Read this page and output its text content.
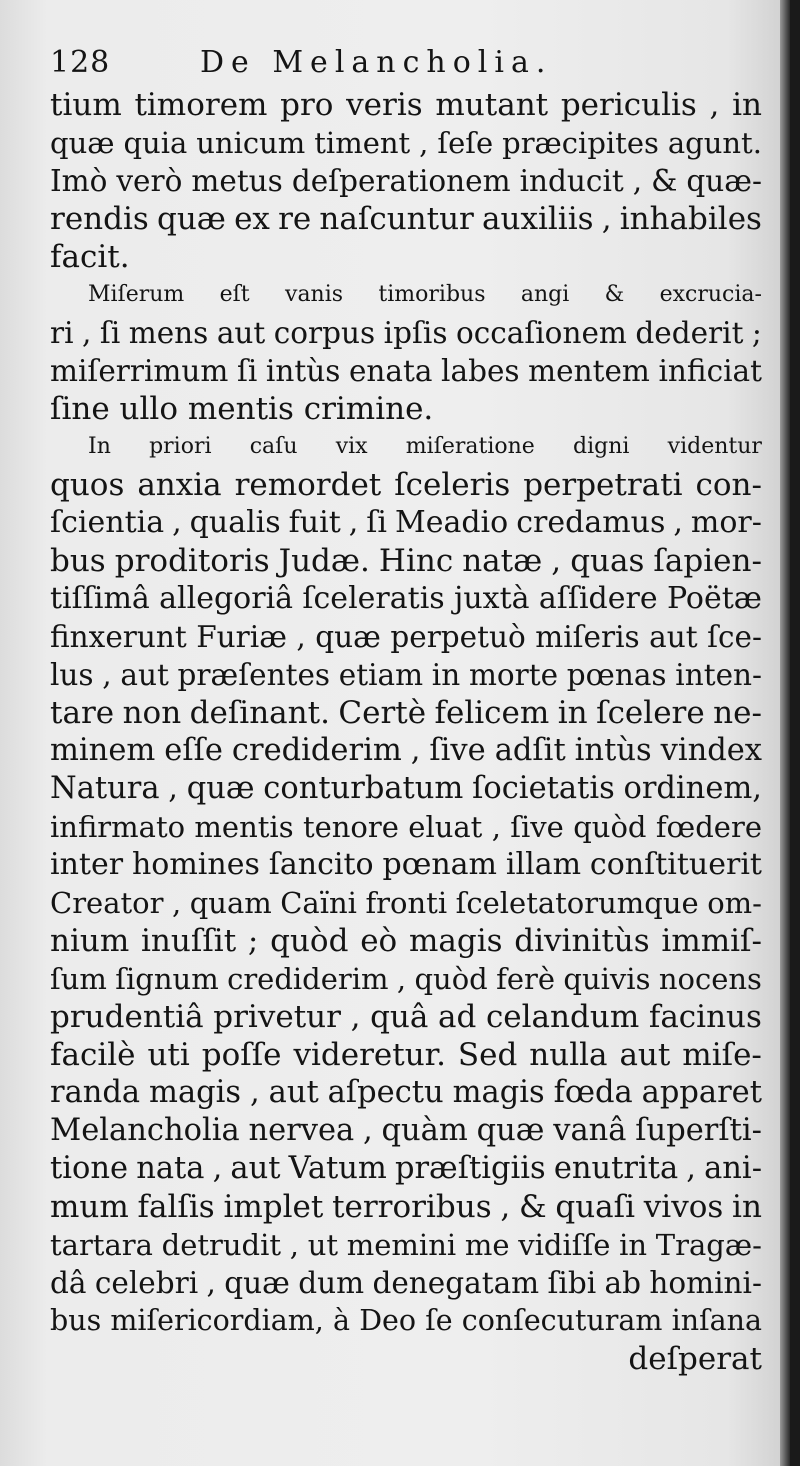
128	De Melancholia.
tium timorem pro veris mutant periculis , in
quæ quia unicum timent , ſeſe præcipites agunt.
Imò verò metus deſperationem inducit , & quæ-
rendis quæ ex re naſcuntur auxiliis , inhabiles
facit.
Miſerum eſt vanis timoribus angi & excrucia-
ri , ſi mens aut corpus ipſis occaſionem dederit ;
miſerrimum ſi intùs enata labes mentem inficiat
ſine ullo mentis crimine.
In priori caſu vix miſeratione digni videntur
quos anxia remordet ſceleris perpetrati con-
ſcientia , qualis fuit , ſi Meadio credamus , mor-
bus proditoris Judæ. Hinc natæ , quas ſapien-
tiſſimâ allegoriâ ſceleratis juxtà aſſidere Poëtæ
finxerunt Furiæ , quæ perpetuò miſeris aut ſce-
lus , aut præſentes etiam in morte pœnas inten-
tare non deſinant. Certè felicem in ſcelere ne-
minem eſſe crediderim , ſive adſit intùs vindex
Natura , quæ conturbatum ſocietatis ordinem,
infirmato mentis tenore eluat , ſive quòd fœdere
inter homines ſancito pœnam illam conſtituerit
Creator , quam Caïni fronti ſceletatorumque om-
nium inuſſit ; quòd eò magis divinitùs immiſ-
ſum ſignum crediderim , quòd ferè quivis nocens
prudentiâ privetur , quâ ad celandum facinus
facilè uti poſſe videretur. Sed nulla aut miſe-
randa magis , aut aſpectu magis fœda apparet
Melancholia nervea , quàm quæ vanâ ſuperſti-
tione nata , aut Vatum præſtigiis enutrita , ani-
mum falſis implet terroribus , & quaſi vivos in
tartara detrudit , ut memini me vidiſſe in Tragæ-
dâ celebri , quæ dum denegatam ſibi ab homini-
bus miſericordiam, à Deo ſe conſecuturam inſana
deſperat
